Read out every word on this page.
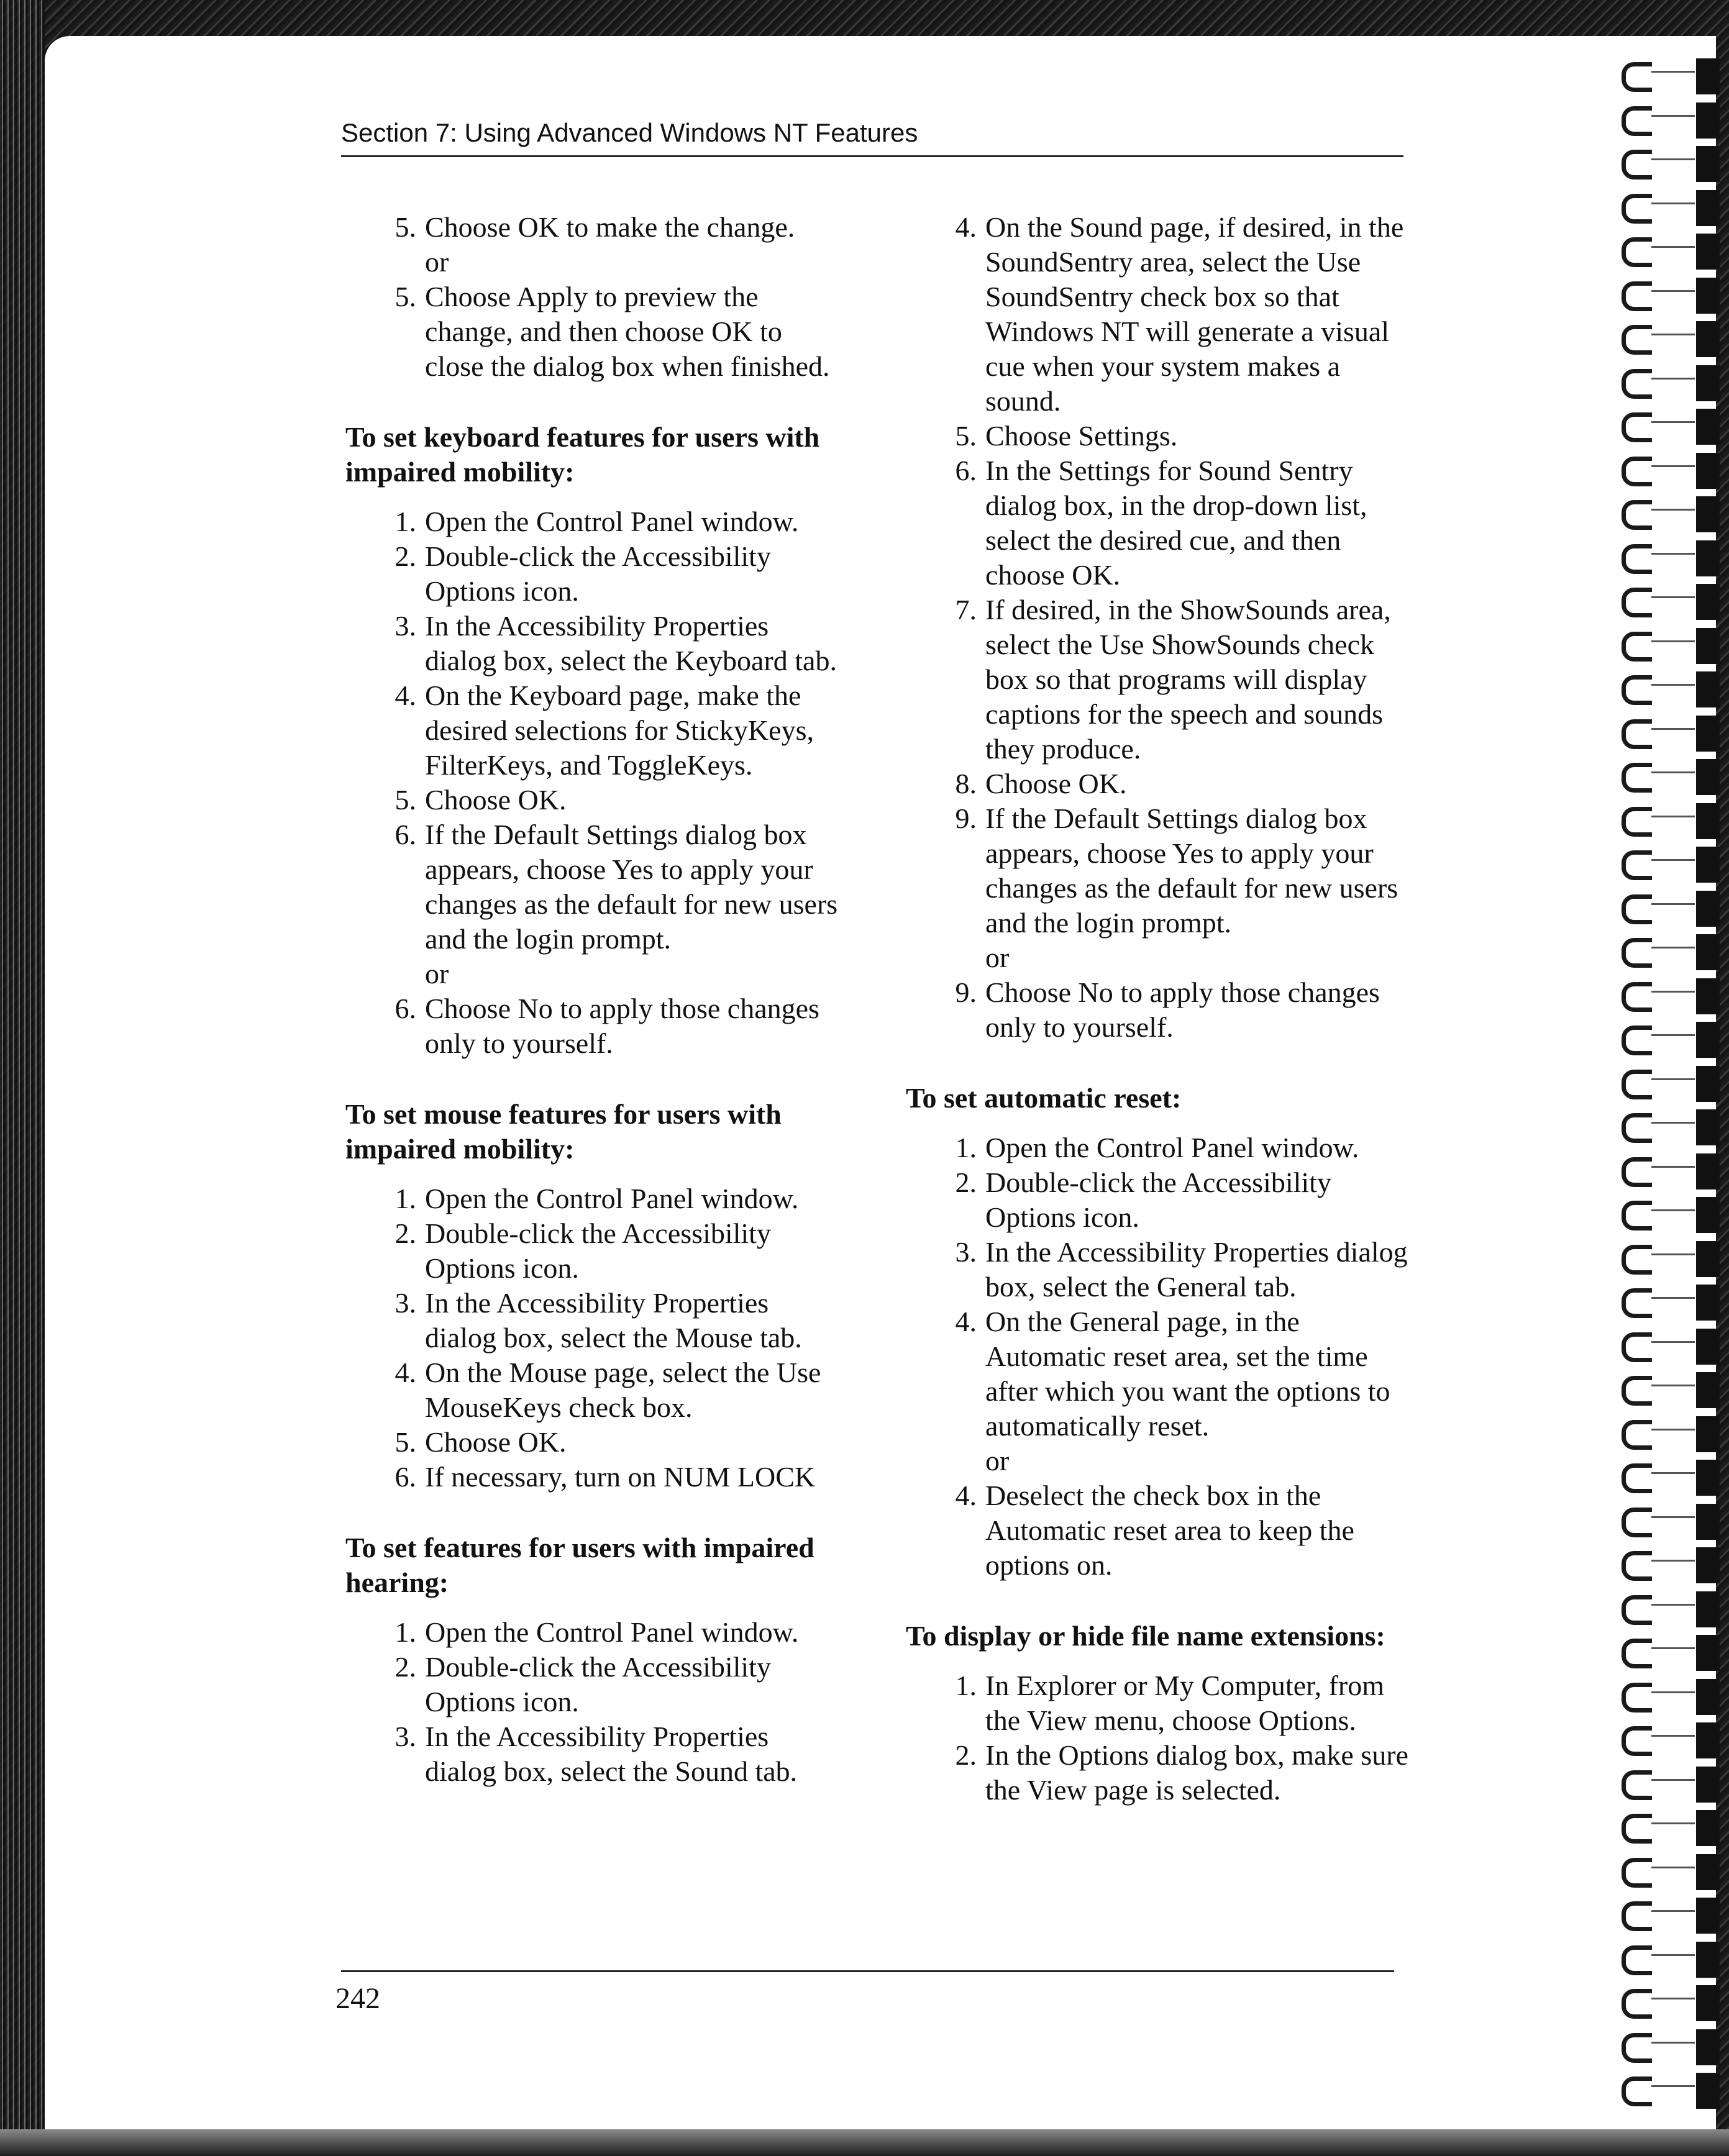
Section 7: Using Advanced Windows NT Features
5 . Choose OK to make the change.
or
5 . Choose Apply to preview the change, and then choose OK to close the dialog box when finished.
To set keyboard features for users with impaired mobility:
1 . Open the Control Panel window.
2 . Double-click the Accessibility Options icon.
3 . In the Accessibility Properties dialog box, select the Keyboard tab.
4 . On the Keyboard page, make the desired selections for StickyKeys, FilterKeys, and ToggleKeys.
5 . Choose OK.
6 . If the Default Settings dialog box appears, choose Yes to apply your changes as the default for new users and the login prompt.
or
6 . Choose No to apply those changes only to yourself.
To set mouse features for users with impaired mobility:
1 . Open the Control Panel window.
2 . Double-click the Accessibility Options icon.
3 . In the Accessibility Properties dialog box, select the Mouse tab.
4 . On the Mouse page, select the Use MouseKeys check box.
5 . Choose OK.
6 . If necessary, turn on NUM LOCK
To set features for users with impaired hearing:
1 . Open the Control Panel window.
2 . Double-click the Accessibility Options icon.
3 . In the Accessibility Properties dialog box, select the Sound tab.
4 . On the Sound page, if desired, in the SoundSentry area, select the Use SoundSentry check box so that Windows NT will generate a visual cue when your system makes a sound.
5 . Choose Settings.
6 . In the Settings for Sound Sentry dialog box, in the drop-down list, select the desired cue, and then choose OK.
7 . If desired, in the ShowSounds area, select the Use ShowSounds check box so that programs will display captions for the speech and sounds they produce.
8 . Choose OK.
9 . If the Default Settings dialog box appears, choose Yes to apply your changes as the default for new users and the login prompt.
or
9 . Choose No to apply those changes only to yourself.
To set automatic reset:
1 . Open the Control Panel window.
2 . Double-click the Accessibility Options icon.
3 . In the Accessibility Properties dialog box, select the General tab.
4 . On the General page, in the Automatic reset area, set the time after which you want the options to automatically reset.
or
4 . Deselect the check box in the Automatic reset area to keep the options on.
To display or hide file name extensions:
1 . In Explorer or My Computer, from the View menu, choose Options.
2 . In the Options dialog box, make sure the View page is selected.
242
